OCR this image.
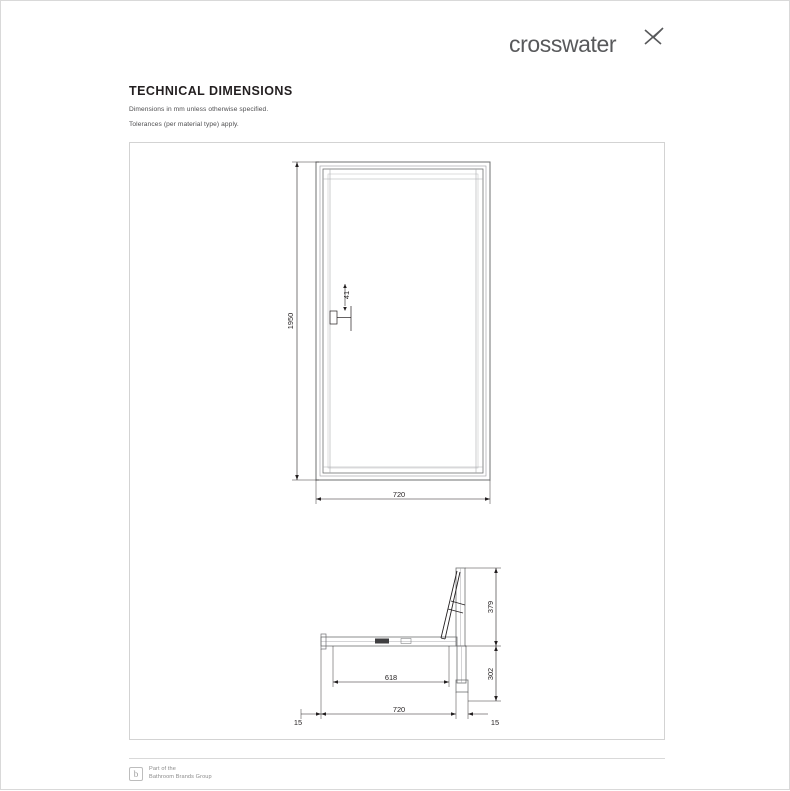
crosswater
TECHNICAL DIMENSIONS
Dimensions in mm unless otherwise specified.
Tolerances (per material type) apply.
1950
720
41
379
302
618
720
15	15
b	Part of the
Bathroom Brands Group
